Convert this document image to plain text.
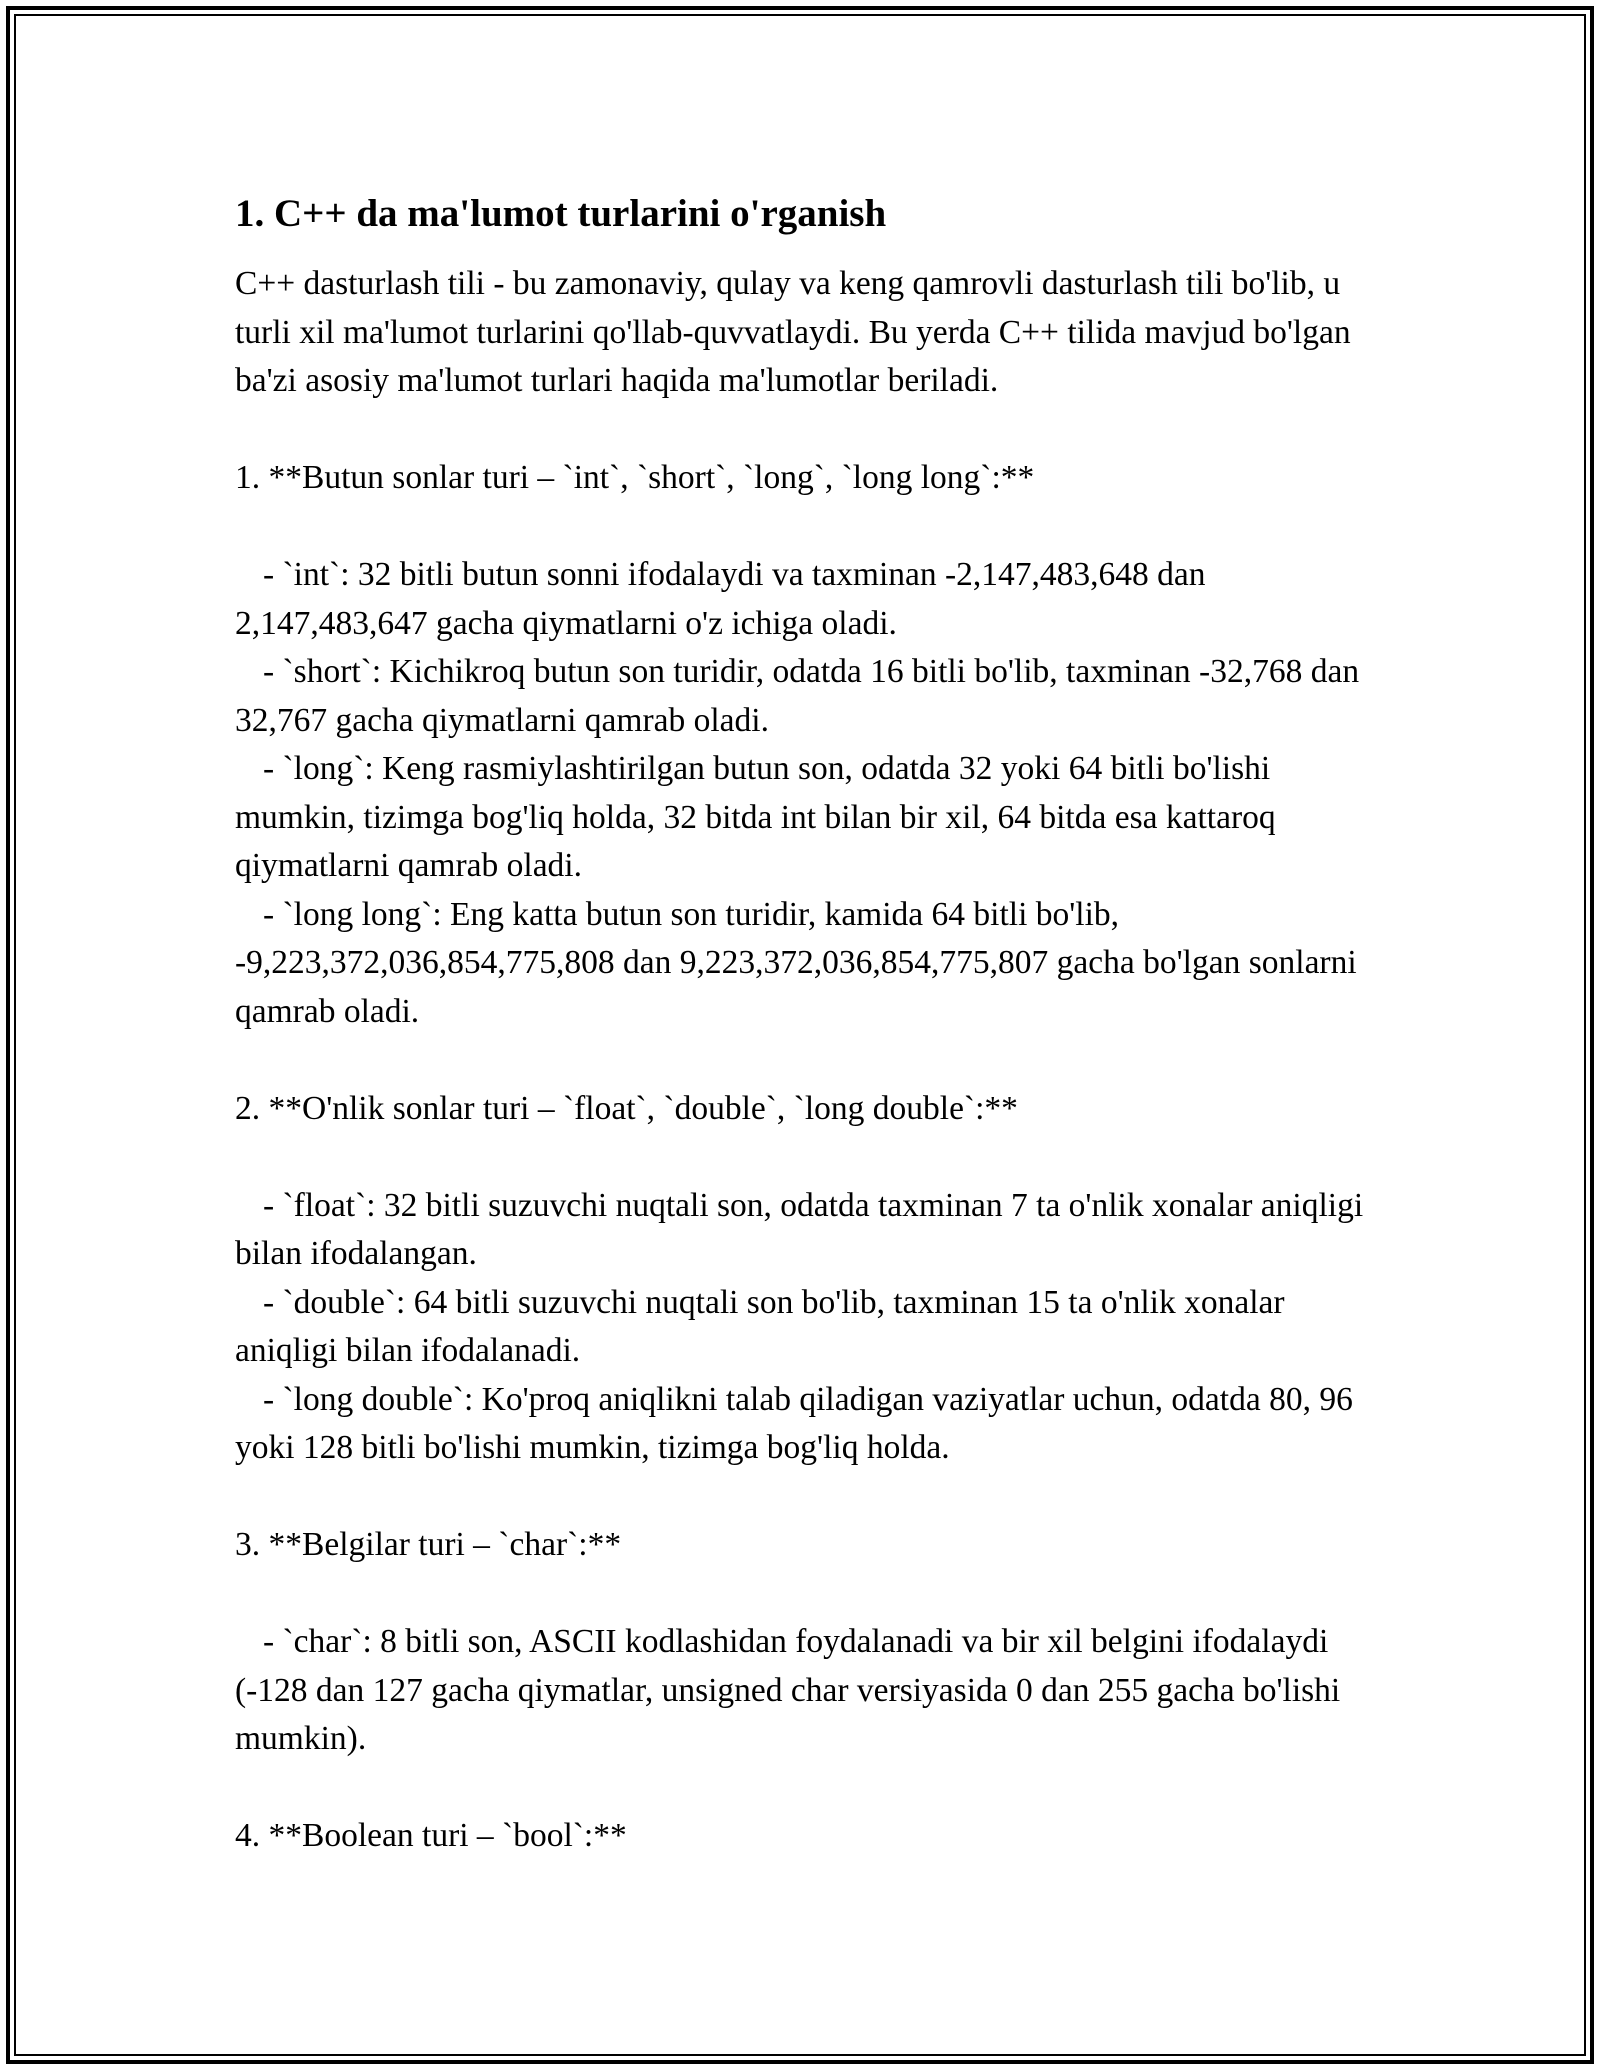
1. C++ da ma'lumot turlarini o'rganish

C++ dasturlash tili - bu zamonaviy, qulay va keng qamrovli dasturlash tili bo'lib, u turli xil ma'lumot turlarini qo'llab-quvvatlaydi. Bu yerda C++ tilida mavjud bo'lgan ba'zi asosiy ma'lumot turlari haqida ma'lumotlar beriladi.

1. **Butun sonlar turi – `int`, `short`, `long`, `long long`:**

- `int`: 32 bitli butun sonni ifodalaydi va taxminan -2,147,483,648 dan 2,147,483,647 gacha qiymatlarni o'z ichiga oladi.

- `short`: Kichikroq butun son turidir, odatda 16 bitli bo'lib, taxminan -32,768 dan 32,767 gacha qiymatlarni qamrab oladi.

- `long`: Keng rasmiylashtirilgan butun son, odatda 32 yoki 64 bitli bo'lishi mumkin, tizimga bog'liq holda, 32 bitda int bilan bir xil, 64 bitda esa kattaroq qiymatlarni qamrab oladi.

- `long long`: Eng katta butun son turidir, kamida 64 bitli bo'lib, -9,223,372,036,854,775,808 dan 9,223,372,036,854,775,807 gacha bo'lgan sonlarni qamrab oladi.

2. **O'nlik sonlar turi – `float`, `double`, `long double`:**

- `float`: 32 bitli suzuvchi nuqtali son, odatda taxminan 7 ta o'nlik xonalar aniqligi bilan ifodalangan.

- `double`: 64 bitli suzuvchi nuqtali son bo'lib, taxminan 15 ta o'nlik xonalar aniqligi bilan ifodalanadi.

- `long double`: Ko'proq aniqlikni talab qiladigan vaziyatlar uchun, odatda 80, 96 yoki 128 bitli bo'lishi mumkin, tizimga bog'liq holda.

3. **Belgilar turi – `char`:**

- `char`: 8 bitli son, ASCII kodlashidan foydalanadi va bir xil belgini ifodalaydi (-128 dan 127 gacha qiymatlar, unsigned char versiyasida 0 dan 255 gacha bo'lishi mumkin).

4. **Boolean turi – `bool`:**
